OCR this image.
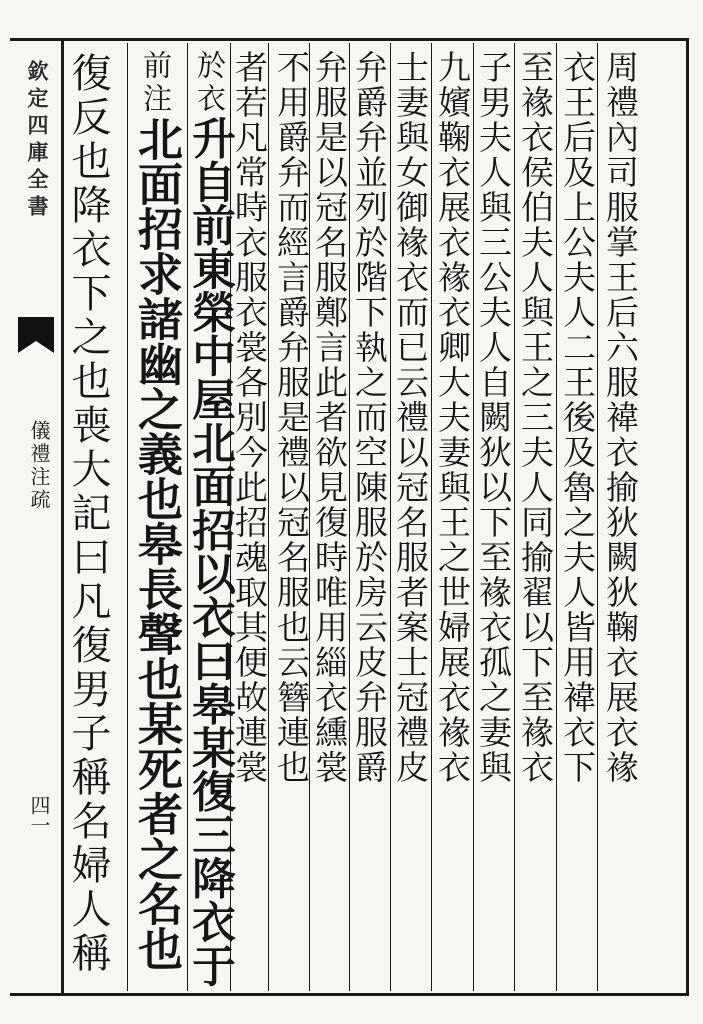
欽定四庫全書
儀禮注疏
四一
周禮內司服掌王后六服褘衣揄狄闕狄鞠衣展衣褖
衣王后及上公夫人二王後及魯之夫人皆用褘衣下
至褖衣侯伯夫人與王之三夫人同揄翟以下至褖衣
子男夫人與三公夫人自闕狄以下至褖衣孤之妻與
九嬪鞠衣展衣褖衣卿大夫妻與王之世婦展衣褖衣
士妻與女御褖衣而已云禮以冠名服者案士冠禮皮
弁爵弁並列於階下執之而空陳服於房云皮弁服爵
弁服是以冠名服鄭言此者欲見復時唯用緇衣纁裳
不用爵弁而經言爵弁服是禮以冠名服也云簪連也
者若凡常時衣服衣裳各別今此招魂取其便故連裳
於衣升自前東榮中屋北面招以衣曰皋某復三降衣于
前注北面招求諸幽之義也皋長聲也某死者之名也
復反也降衣下之也喪大記曰凡復男子稱名婦人稱
